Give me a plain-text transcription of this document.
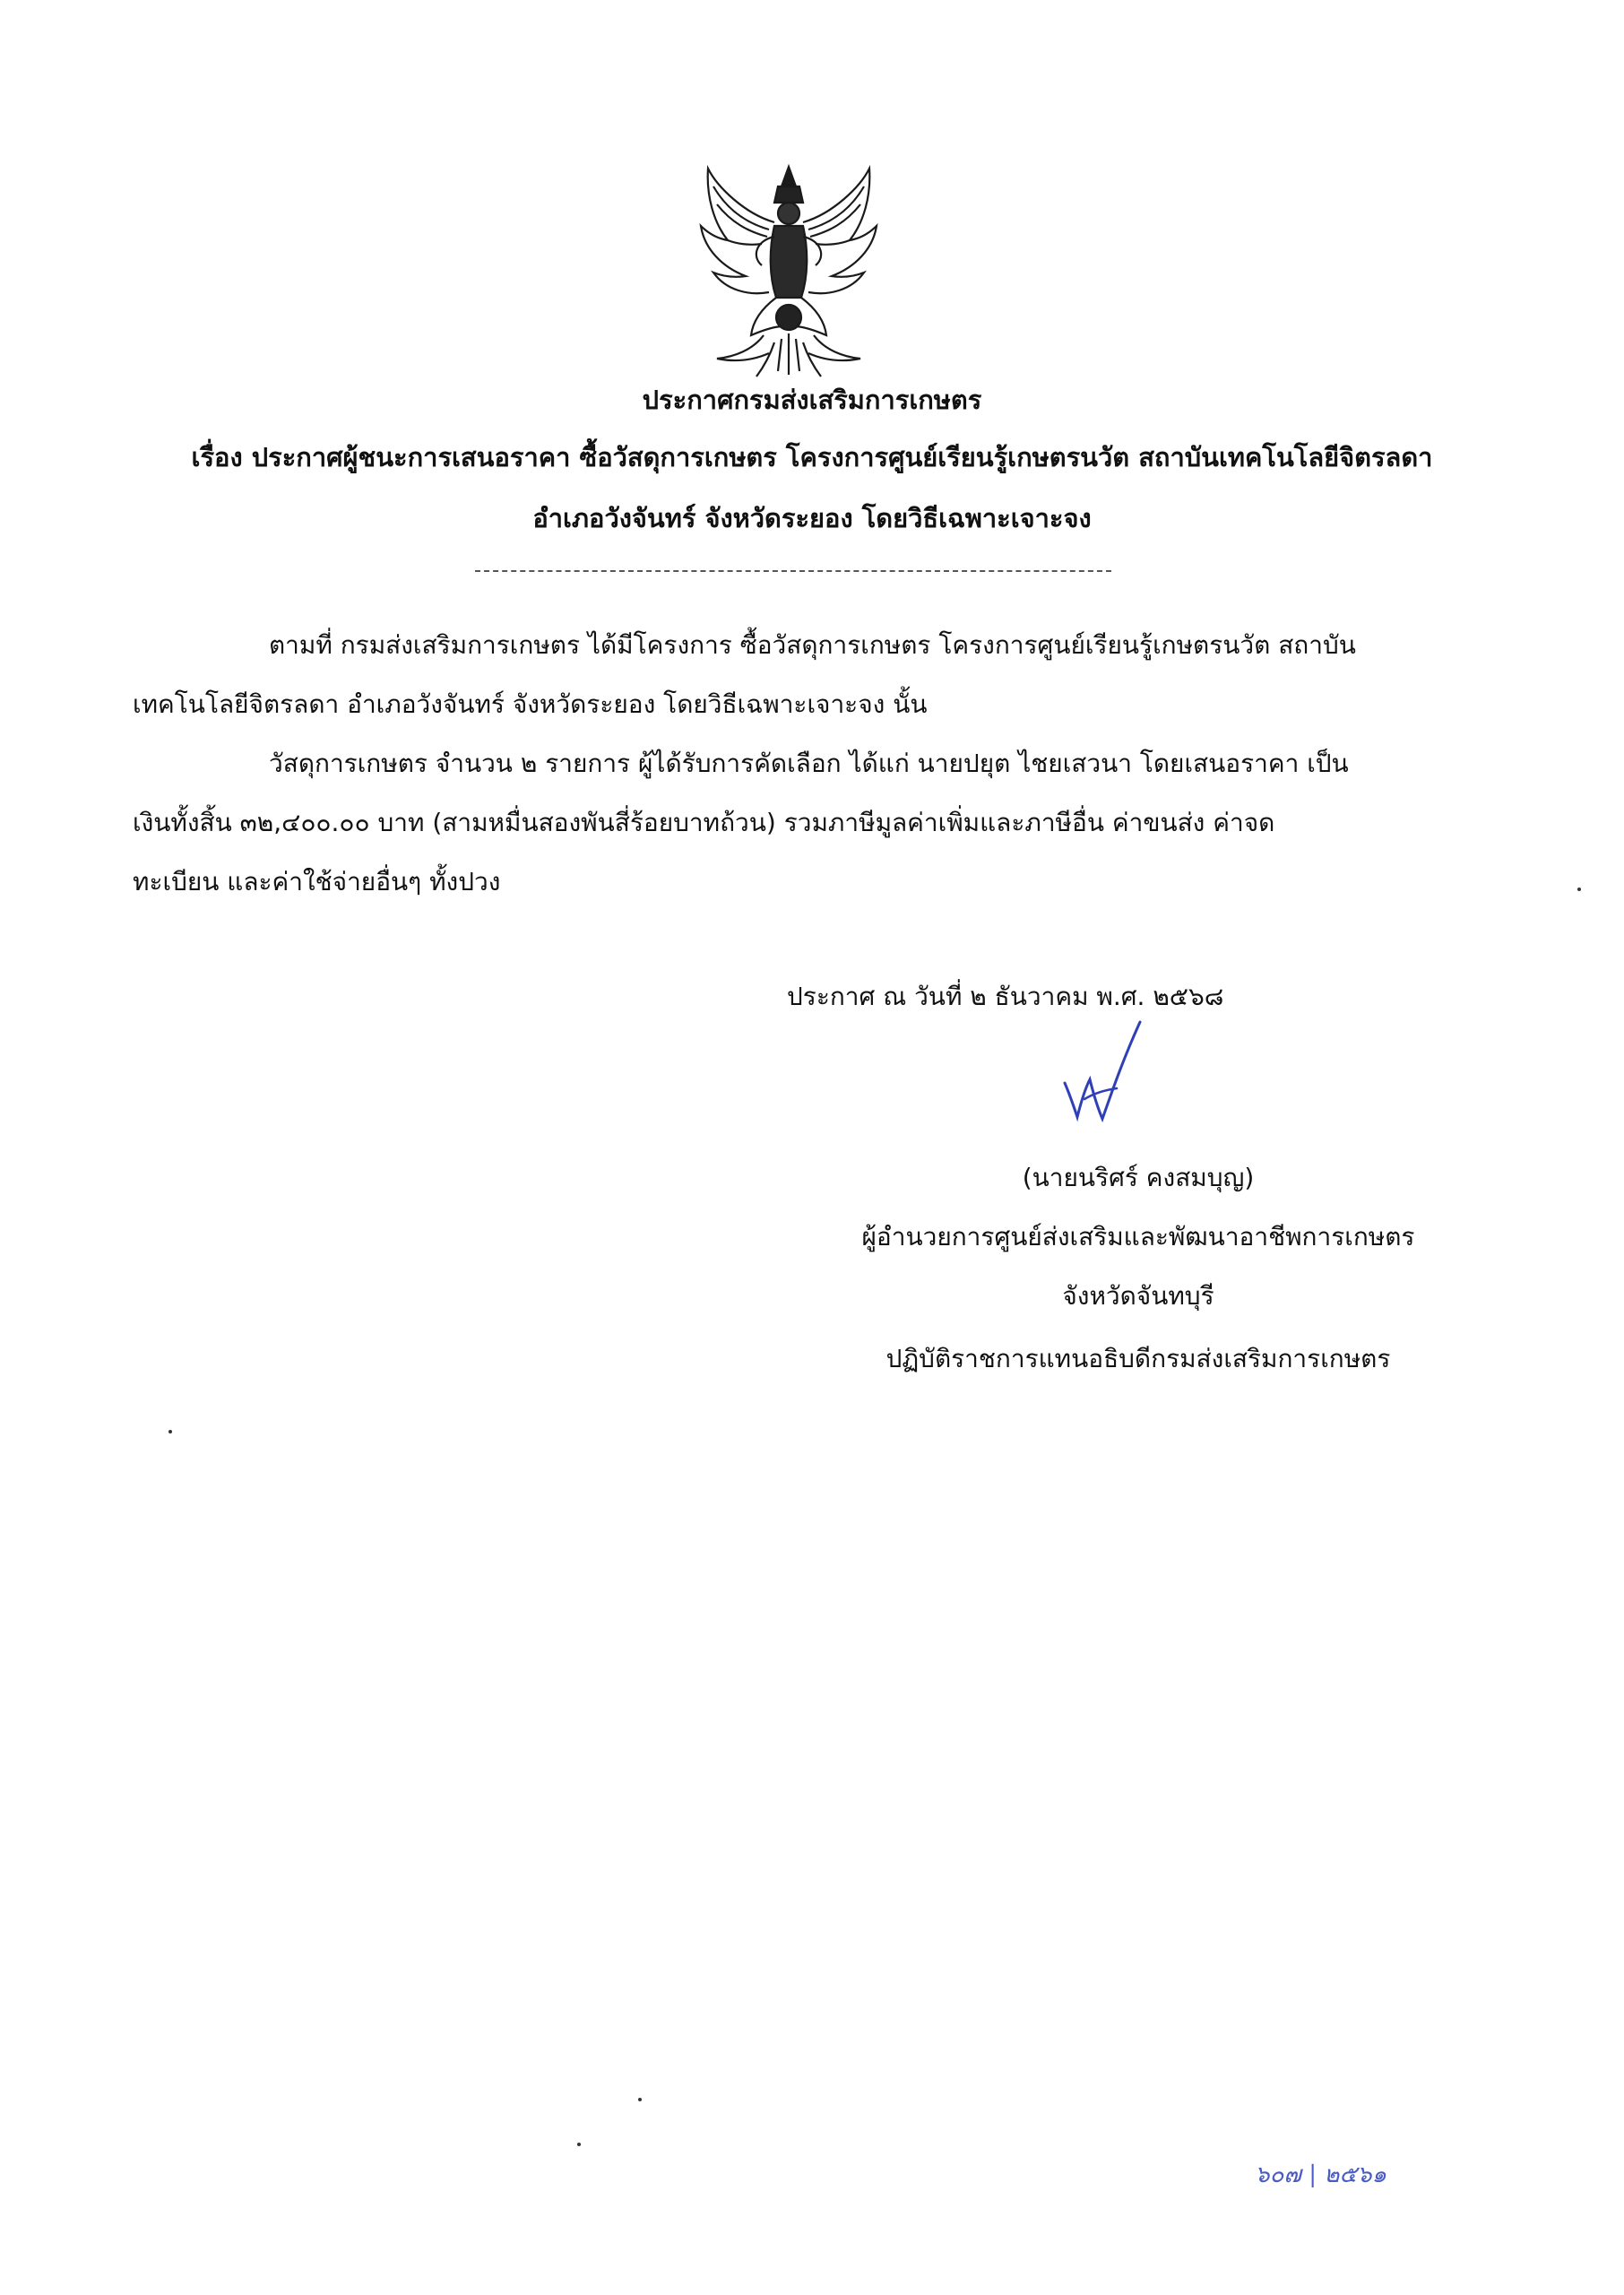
ประกาศกรมส่งเสริมการเกษตร
เรื่อง ประกาศผู้ชนะการเสนอราคา ซื้อวัสดุการเกษตร โครงการศูนย์เรียนรู้เกษตรนวัต สถาบันเทคโนโลยีจิตรลดา
อำเภอวังจันทร์ จังหวัดระยอง โดยวิธีเฉพาะเจาะจง
ตามที่ กรมส่งเสริมการเกษตร ได้มีโครงการ ซื้อวัสดุการเกษตร โครงการศูนย์เรียนรู้เกษตรนวัต สถาบัน
เทคโนโลยีจิตรลดา อำเภอวังจันทร์ จังหวัดระยอง โดยวิธีเฉพาะเจาะจง นั้น
วัสดุการเกษตร จำนวน ๒ รายการ ผู้ได้รับการคัดเลือก ได้แก่ นายปยุต ไชยเสวนา โดยเสนอราคา เป็น
เงินทั้งสิ้น ๓๒,๔๐๐.๐๐ บาท (สามหมื่นสองพันสี่ร้อยบาทถ้วน) รวมภาษีมูลค่าเพิ่มและภาษีอื่น ค่าขนส่ง ค่าจด
ทะเบียน และค่าใช้จ่ายอื่นๆ ทั้งปวง
ประกาศ ณ วันที่ ๒ ธันวาคม พ.ศ. ๒๕๖๘
(นายนริศร์ คงสมบุญ)
ผู้อำนวยการศูนย์ส่งเสริมและพัฒนาอาชีพการเกษตร
จังหวัดจันทบุรี
ปฏิบัติราชการแทนอธิบดีกรมส่งเสริมการเกษตร
๖๐๗ | ๒๕๖๑
